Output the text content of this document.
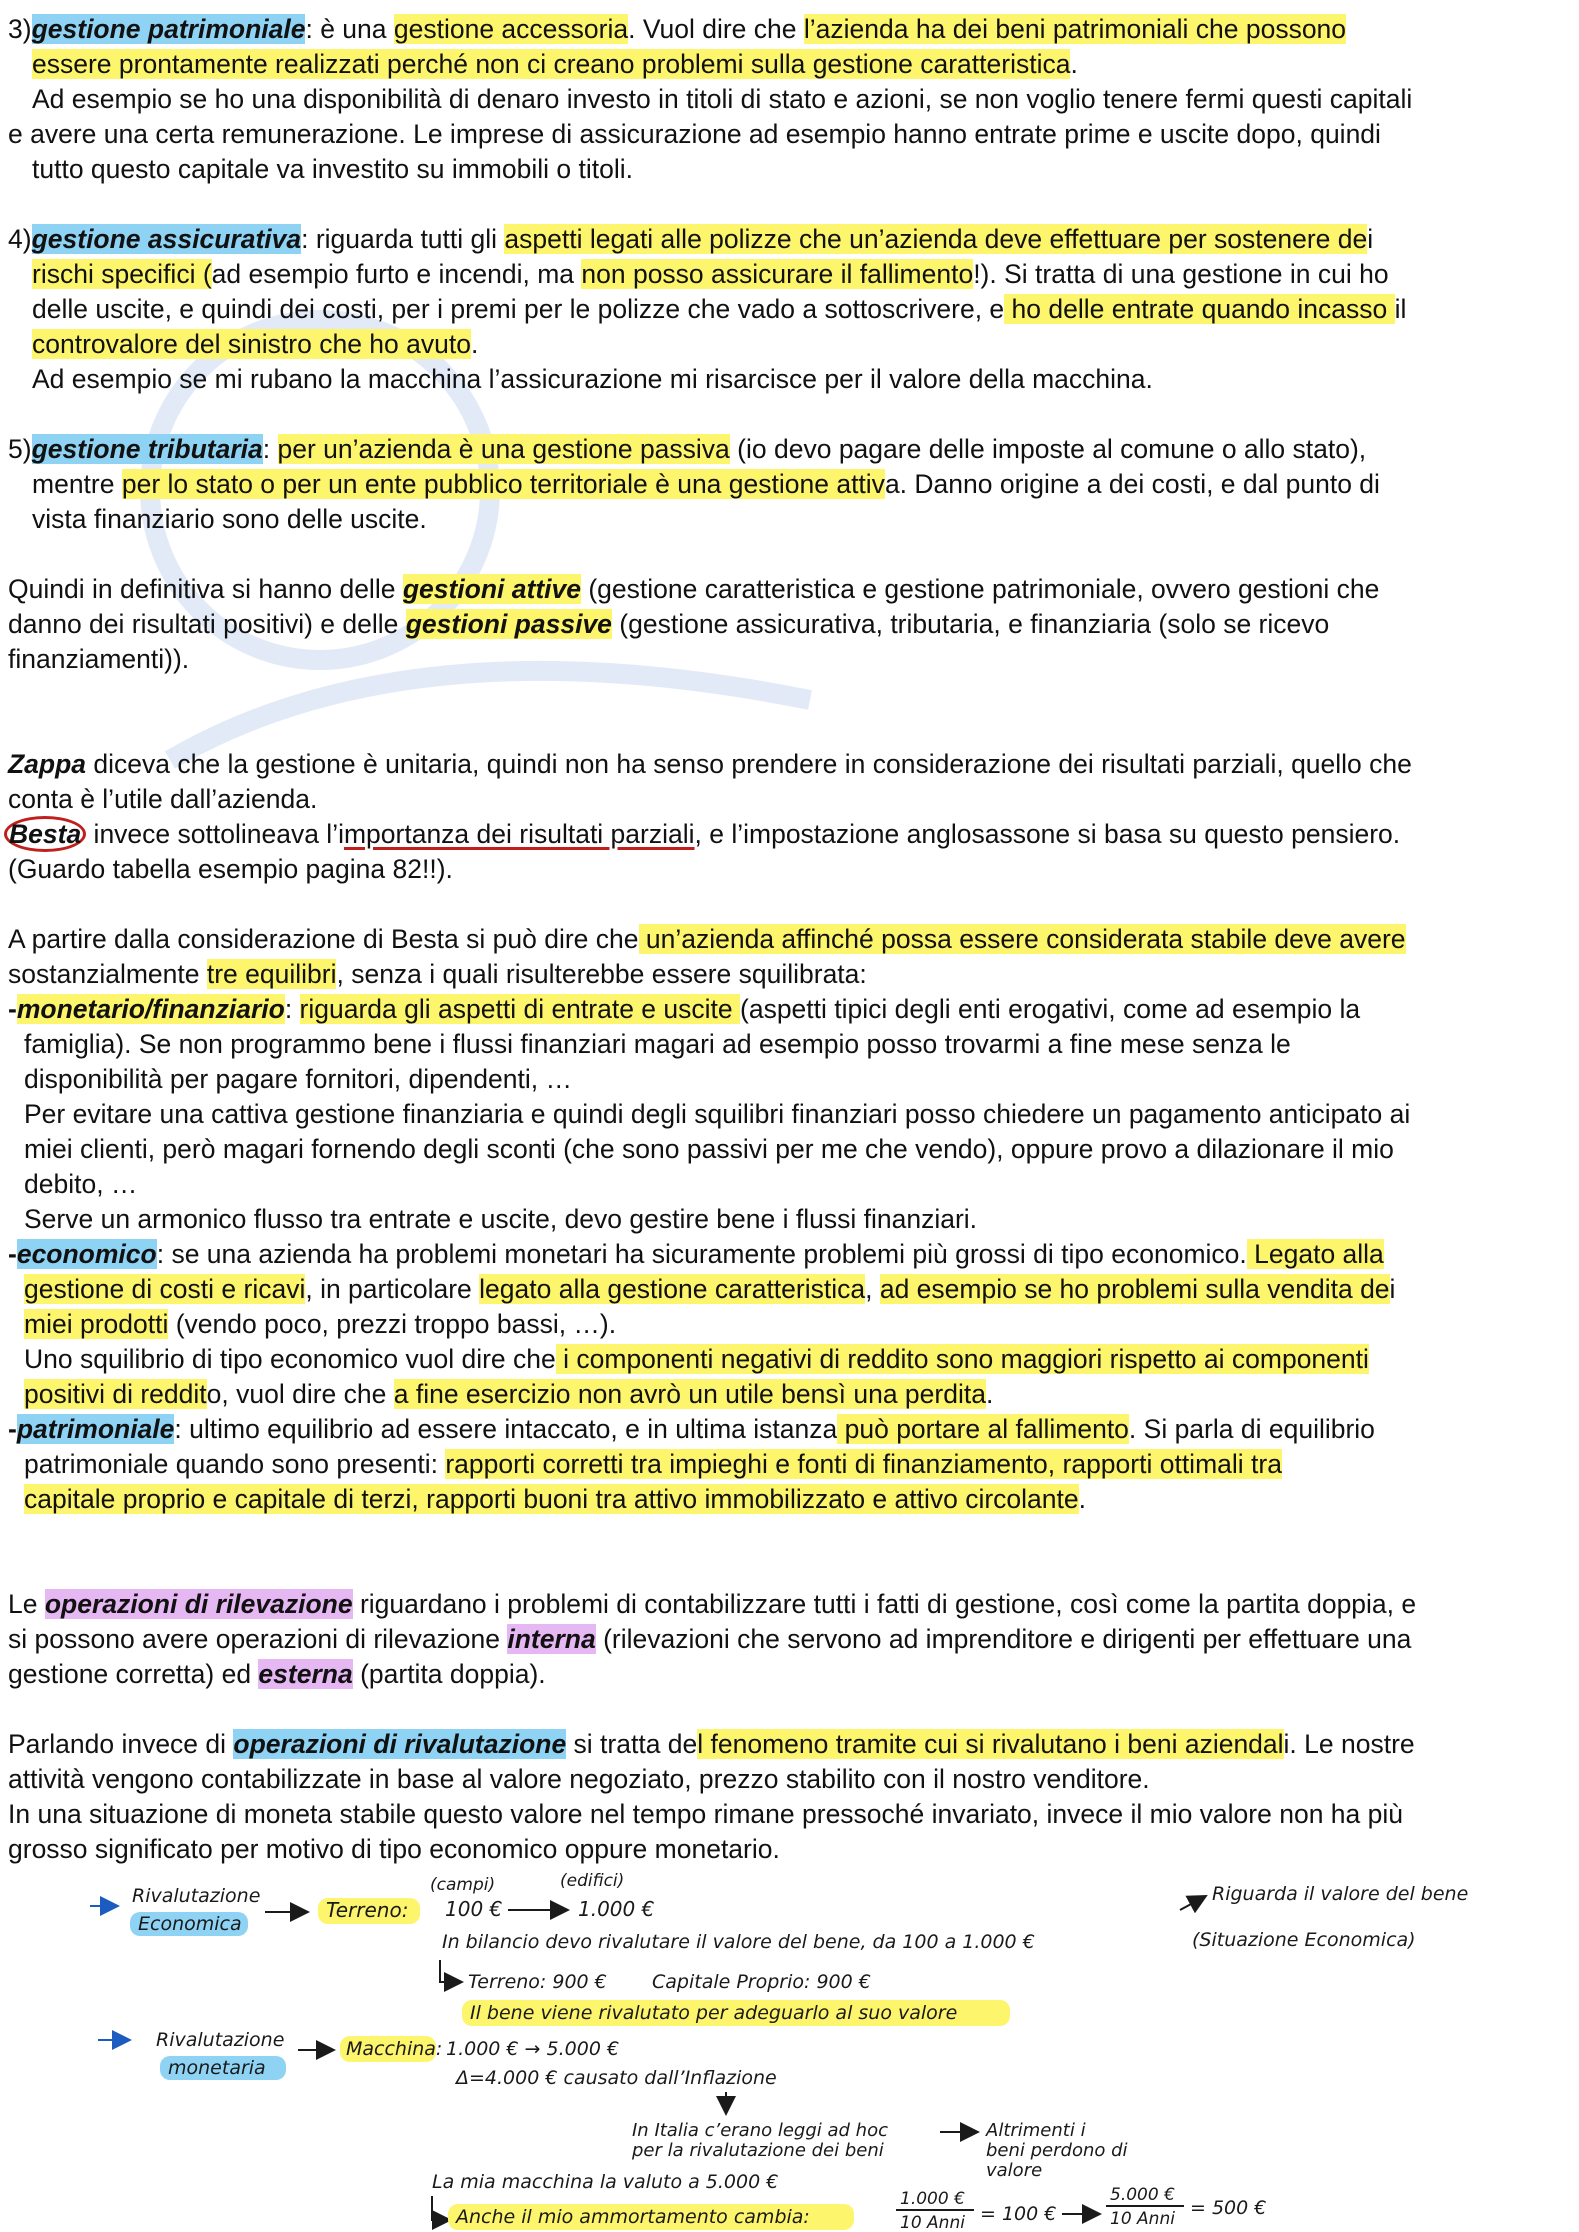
3)gestione patrimoniale: è una gestione accessoria. Vuol dire che l’azienda ha dei beni patrimoniali che possono

essere prontamente realizzati perché non ci creano problemi sulla gestione caratteristica.

Ad esempio se ho una disponibilità di denaro investo in titoli di stato e azioni, se non voglio tenere fermi questi capitali

e avere una certa remunerazione. Le imprese di assicurazione ad esempio hanno entrate prime e uscite dopo, quindi

tutto questo capitale va investito su immobili o titoli.

4)gestione assicurativa: riguarda tutti gli aspetti legati alle polizze che un’azienda deve effettuare per sostenere dei

rischi specifici (ad esempio furto e incendi, ma non posso assicurare il fallimento!). Si tratta di una gestione in cui ho

delle uscite, e quindi dei costi, per i premi per le polizze che vado a sottoscrivere, e ho delle entrate quando incasso il

controvalore del sinistro che ho avuto.

Ad esempio se mi rubano la macchina l’assicurazione mi risarcisce per il valore della macchina.

5)gestione tributaria: per un’azienda è una gestione passiva (io devo pagare delle imposte al comune o allo stato),

mentre per lo stato o per un ente pubblico territoriale è una gestione attiva. Danno origine a dei costi, e dal punto di

vista finanziario sono delle uscite.

Quindi in definitiva si hanno delle gestioni attive (gestione caratteristica e gestione patrimoniale, ovvero gestioni che

danno dei risultati positivi) e delle gestioni passive (gestione assicurativa, tributaria, e finanziaria (solo se ricevo

finanziamenti)).

Zappa diceva che la gestione è unitaria, quindi non ha senso prendere in considerazione dei risultati parziali, quello che

conta è l’utile dall’azienda.

Besta invece sottolineava l’importanza dei risultati parziali, e l’impostazione anglosassone si basa su questo pensiero.

(Guardo tabella esempio pagina 82!!).

A partire dalla considerazione di Besta si può dire che un’azienda affinché possa essere considerata stabile deve avere

sostanzialmente tre equilibri, senza i quali risulterebbe essere squilibrata:

-monetario/finanziario: riguarda gli aspetti di entrate e uscite (aspetti tipici degli enti erogativi, come ad esempio la

famiglia). Se non programmo bene i flussi finanziari magari ad esempio posso trovarmi a fine mese senza le

disponibilità per pagare fornitori, dipendenti, …

Per evitare una cattiva gestione finanziaria e quindi degli squilibri finanziari posso chiedere un pagamento anticipato ai

miei clienti, però magari fornendo degli sconti (che sono passivi per me che vendo), oppure provo a dilazionare il mio

debito, …

Serve un armonico flusso tra entrate e uscite, devo gestire bene i flussi finanziari.

-economico: se una azienda ha problemi monetari ha sicuramente problemi più grossi di tipo economico. Legato alla

gestione di costi e ricavi, in particolare legato alla gestione caratteristica, ad esempio se ho problemi sulla vendita dei

miei prodotti (vendo poco, prezzi troppo bassi, …).

Uno squilibrio di tipo economico vuol dire che i componenti negativi di reddito sono maggiori rispetto ai componenti

positivi di reddito, vuol dire che a fine esercizio non avrò un utile bensì una perdita.

-patrimoniale: ultimo equilibrio ad essere intaccato, e in ultima istanza può portare al fallimento. Si parla di equilibrio

patrimoniale quando sono presenti: rapporti corretti tra impieghi e fonti di finanziamento, rapporti ottimali tra

capitale proprio e capitale di terzi, rapporti buoni tra attivo immobilizzato e attivo circolante.

Le operazioni di rilevazione riguardano i problemi di contabilizzare tutti i fatti di gestione, così come la partita doppia, e

si possono avere operazioni di rilevazione interna (rilevazioni che servono ad imprenditore e dirigenti per effettuare una

gestione corretta) ed esterna (partita doppia).

Parlando invece di operazioni di rivalutazione si tratta del fenomeno tramite cui si rivalutano i beni aziendali. Le nostre

attività vengono contabilizzate in base al valore negoziato, prezzo stabilito con il nostro venditore.

In una situazione di moneta stabile questo valore nel tempo rimane pressoché invariato, invece il mio valore non ha più

grosso significato per motivo di tipo economico oppure monetario.

Rivalutazione
Economica
Terreno:
(campi)	(edifici)
100 €	1.000 €
Riguarda il valore del bene
(Situazione Economica)
In bilancio devo rivalutare il valore del bene, da 100 a 1.000 €
Terreno: 900 € Capitale Proprio: 900 €
Il bene viene rivalutato per adeguarlo al suo valore
Rivalutazione
monetaria
Macchina: 1.000 € → 5.000 €
Δ=4.000 € causato dall’Inflazione
In Italia c’erano leggi ad hoc
per la rivalutazione dei beni
Altrimenti i
beni perdono di
valore
La mia macchina la valuto a 5.000 €
Anche il mio ammortamento cambia:
1.000 €
10 Anni = 100 €
5.000 €
10 Anni = 500 €
